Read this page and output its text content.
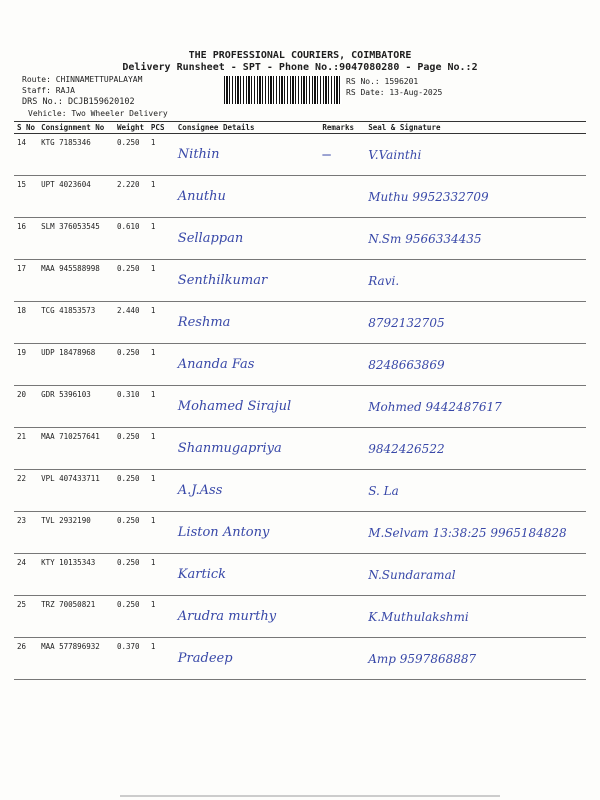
THE PROFESSIONAL COURIERS, COIMBATORE
Delivery Runsheet - SPT - Phone No.:9047080280 - Page No.:2
Route: CHINNAMETTUPALAYAM
Staff: RAJA
DRS No.: DCJB159620102
Vehicle: Two Wheeler Delivery
RS No.: 1596201
RS Date: 13-Aug-2025
S No	Consignment No	Weight	PCS	Consignee Details	Remarks	Seal & Signature
14	KTG 7185346	0.250	1	Nithin	—	V.Vainthi
15	UPT 4023604	2.220	1	Anuthu		Muthu 9952332709
16	SLM 376053545	0.610	1	Sellappan		N.Sm 9566334435
17	MAA 945588998	0.250	1	Senthilkumar		Ravi.
18	TCG 41853573	2.440	1	Reshma		8792132705
19	UDP 18478968	0.250	1	Ananda Fas		8248663869
20	GDR 5396103	0.310	1	Mohamed Sirajul		Mohmed 9442487617
21	MAA 710257641	0.250	1	Shanmugapriya		9842426522
22	VPL 407433711	0.250	1	A.J.Ass		S. La
23	TVL 2932190	0.250	1	Liston Antony		M.Selvam 13:38:25 9965184828
24	KTY 10135343	0.250	1	Kartick		N.Sundaramal
25	TRZ 70050821	0.250	1	Arudra murthy		K.Muthulakshmi
26	MAA 577896932	0.370	1	Pradeep		Amp 9597868887
